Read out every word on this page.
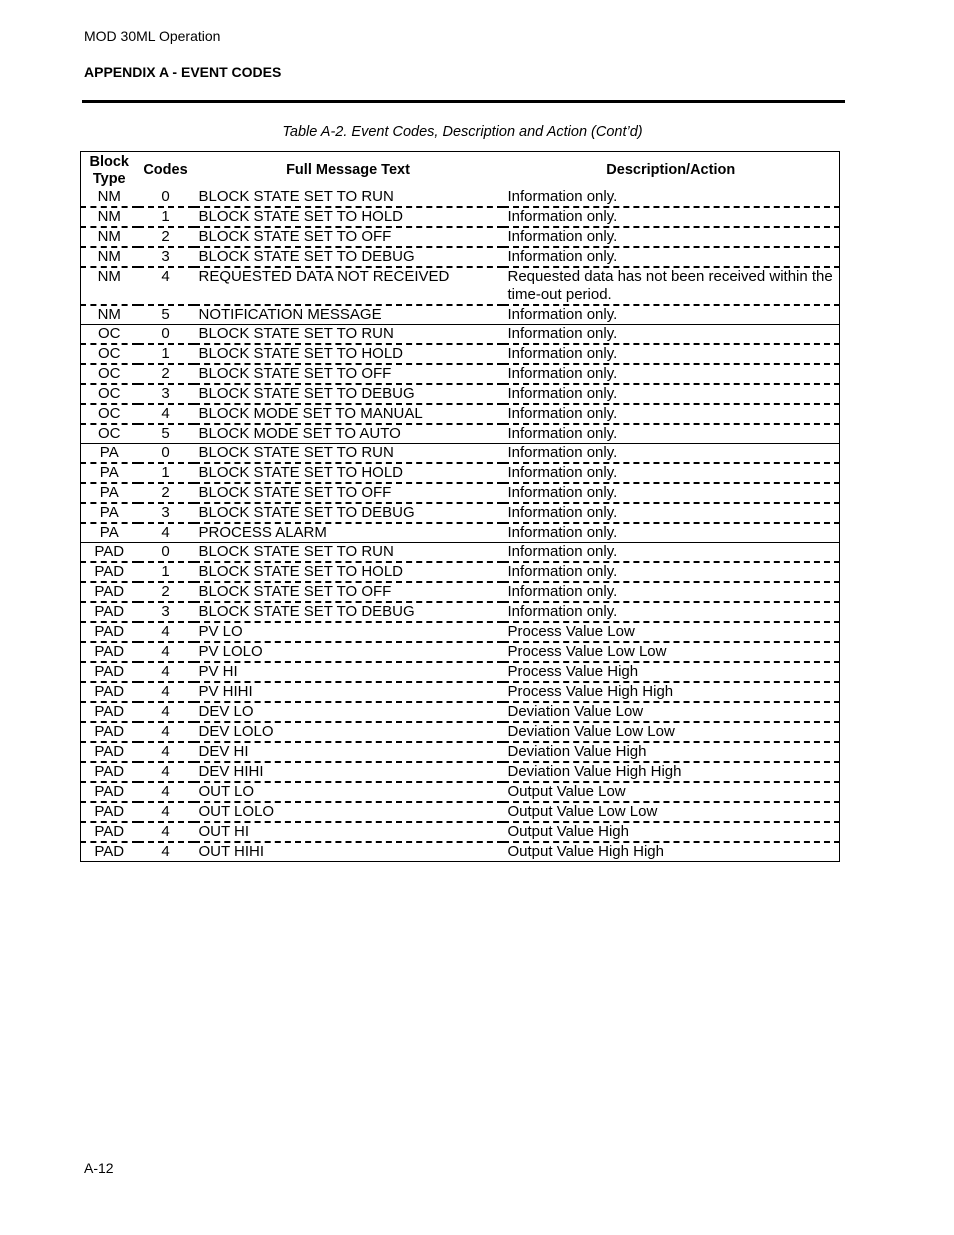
MOD 30ML Operation
APPENDIX A - EVENT CODES
Table A-2. Event Codes, Description and Action (Cont’d)
Block Type	Codes	Full Message Text	Description/Action
NM	0	BLOCK STATE SET TO RUN	Information only.
NM	1	BLOCK STATE SET TO HOLD	Information only.
NM	2	BLOCK STATE SET TO OFF	Information only.
NM	3	BLOCK STATE SET TO DEBUG	Information only.
NM	4	REQUESTED DATA NOT RECEIVED	Requested data has not been received within the time-out period.
NM	5	NOTIFICATION MESSAGE	Information only.
OC	0	BLOCK STATE SET TO RUN	Information only.
OC	1	BLOCK STATE SET TO HOLD	Information only.
OC	2	BLOCK STATE SET TO OFF	Information only.
OC	3	BLOCK STATE SET TO DEBUG	Information only.
OC	4	BLOCK MODE SET TO MANUAL	Information only.
OC	5	BLOCK MODE SET TO AUTO	Information only.
PA	0	BLOCK STATE SET TO RUN	Information only.
PA	1	BLOCK STATE SET TO HOLD	Information only.
PA	2	BLOCK STATE SET TO OFF	Information only.
PA	3	BLOCK STATE SET TO DEBUG	Information only.
PA	4	PROCESS ALARM	Information only.
PAD	0	BLOCK STATE SET TO RUN	Information only.
PAD	1	BLOCK STATE SET TO HOLD	Information only.
PAD	2	BLOCK STATE SET TO OFF	Information only.
PAD	3	BLOCK STATE SET TO DEBUG	Information only.
PAD	4	PV LO	Process Value Low
PAD	4	PV LOLO	Process Value Low Low
PAD	4	PV HI	Process Value High
PAD	4	PV HIHI	Process Value High High
PAD	4	DEV LO	Deviation Value Low
PAD	4	DEV LOLO	Deviation Value Low Low
PAD	4	DEV HI	Deviation Value High
PAD	4	DEV HIHI	Deviation Value High High
PAD	4	OUT LO	Output Value Low
PAD	4	OUT LOLO	Output Value Low Low
PAD	4	OUT HI	Output Value High
PAD	4	OUT HIHI	Output Value High High
A-12
